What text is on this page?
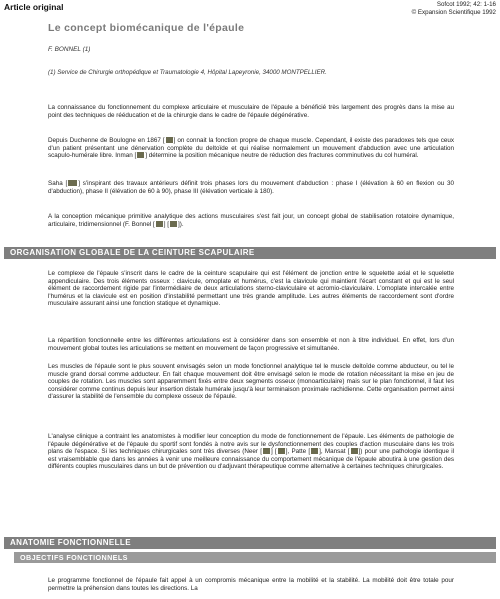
Article original	Sofcot 1992; 42: 1-16
© Expansion Scientifique 1992
Le concept biomécanique de l'épaule
F. BONNEL (1)
(1) Service de Chirurgie orthopédique et Traumatologie 4, Hôpital Lapeyronie, 34000 MONTPELLIER.

La connaissance du fonctionnement du complexe articulaire et musculaire de l'épaule a bénéficié très largement des progrès dans la mise au point des techniques de rééducation et de la chirurgie dans le cadre de l'épaule dégénérative.

Depuis Duchenne de Boulogne en 1867 [ ] on connait la fonction propre de chaque muscle. Cependant, il existe des paradoxes tels que ceux d'un patient présentant une dénervation complète du deltoïde et qui réalise normalement un mouvement d'abduction avec une articulation scapulo-humérale libre. Inman [ ] détermine la position mécanique neutre de réduction des fractures comminutives du col huméral.

Saha [ ] s'inspirant des travaux antérieurs définit trois phases lors du mouvement d'abduction : phase I (élévation à 60 en flexion ou 30 d'abduction), phase II (élévation de 60 à 90), phase III (élévation verticale à 180).

A la conception mécanique primitive analytique des actions musculaires s'est fait jour, un concept global de stabilisation rotatoire dynamique, articulaire, tridimensionnel (F. Bonnel [ ] [ ]).

ORGANISATION GLOBALE DE LA CEINTURE SCAPULAIRE

Le complexe de l'épaule s'inscrit dans le cadre de la ceinture scapulaire qui est l'élément de jonction entre le squelette axial et le squelette appendiculaire. Des trois éléments osseux : clavicule, omoplate et humérus, c'est la clavicule qui maintient l'écart constant et qui est le seul élément de raccordement rigide par l'intermédiaire de deux articulations sterno-claviculaire et acromio-claviculaire. L'omoplate intercalée entre l'humérus et la clavicule est en position d'instabilité permettant une très grande amplitude. Les autres éléments de raccordement sont d'ordre musculaire assurant ainsi une fonction statique et dynamique.

La répartition fonctionnelle entre les différentes articulations est à considérer dans son ensemble et non à titre individuel. En effet, lors d'un mouvement global toutes les articulations se mettent en mouvement de façon progressive et simultanée.

Les muscles de l'épaule sont le plus souvent envisagés selon un mode fonctionnel analytique tel le muscle deltoïde comme abducteur, ou tel le muscle grand dorsal comme adducteur. En fait chaque mouvement doit être envisagé selon le mode de rotation nécessitant la mise en jeu de couples de rotation. Les muscles sont apparemment fixés entre deux segments osseux (monoarticulaire) mais sur le plan fonctionnel, il faut les considérer comme continus depuis leur insertion distale humérale jusqu'à leur terminaison proximale rachidienne. Cette organisation permet ainsi d'assurer la stabilité de l'ensemble du complexe osseux de l'épaule.

L'analyse clinique a contraint les anatomistes à modifier leur conception du mode de fonctionnement de l'épaule. Les éléments de pathologie de l'épaule dégénérative et de l'épaule du sportif sont fondés à notre avis sur le dysfonctionnement des couples d'action musculaire dans les trois plans de l'espace. Si les techniques chirurgicales sont très diverses (Neer [ ] [ ], Patte [ ], Mansat [ ]) pour une pathologie identique il est vraisemblable que dans les années à venir une meilleure connaissance du comportement mécanique de l'épaule aboutira à une gestion des différents couples musculaires dans un but de prévention ou d'adjuvant thérapeutique comme alternative à certaines techniques chirurgicales.

ANATOMIE FONCTIONNELLE
OBJECTIFS FONCTIONNELS

Le programme fonctionnel de l'épaule fait appel à un compromis mécanique entre la mobilité et la stabilité. La mobilité doit être totale pour permettre la préhension dans toutes les directions. La
